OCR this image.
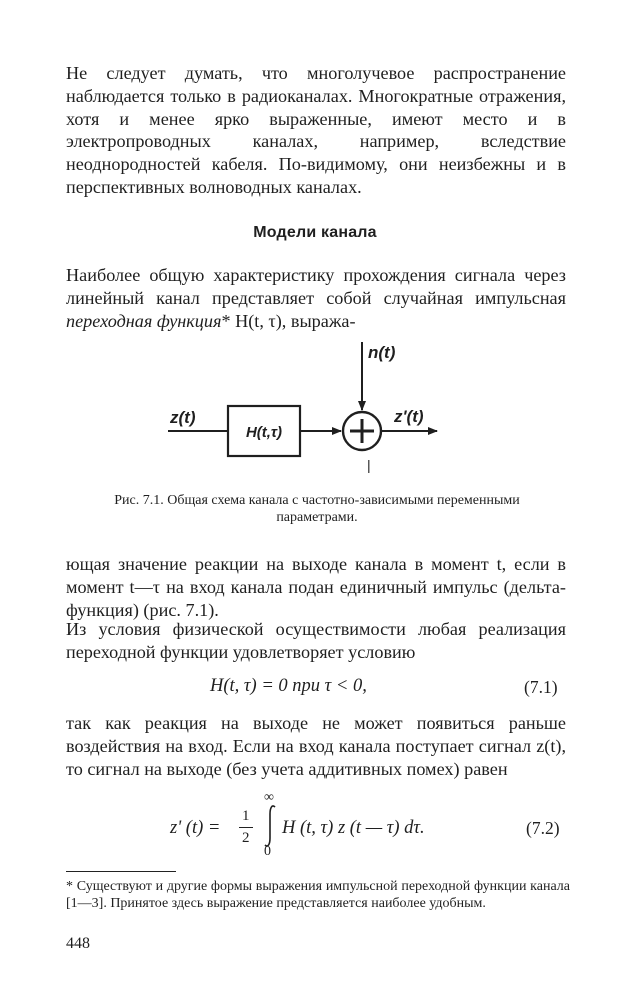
Не следует думать, что многолучевое распространение наблюдается только в радиоканалах. Многократные отражения, хотя и менее ярко выраженные, имеют место и в электропроводных каналах, например, вследствие неоднородностей кабеля. По-видимому, они неизбежны и в перспективных волноводных каналах.

Модели канала

Наиболее общую характеристику прохождения сигнала через линейный канал представляет собой случайная импульсная переходная функция* H(t, τ), выража-

z(t)
H(t,τ)
n(t)
z'(t)
|
Рис. 7.1. Общая схема канала с частотно-зависимыми переменными параметрами.

ющая значение реакции на выходе канала в момент t, если в момент t—τ на вход канала подан единичный импульс (дельта-функция) (рис. 7.1).

Из условия физической осуществимости любая реализация переходной функции удовлетворяет условию

H(t, τ) = 0 при τ < 0,	(7.1)

так как реакция на выходе не может появиться раньше воздействия на вход. Если на вход канала поступает сигнал z(t), то сигнал на выходе (без учета аддитивных помех) равен

z' (t) =
1
2
∞
0
H (t, τ) z (t — τ) dτ.	(7.2)

* Существуют и другие формы выражения импульсной переходной функции канала [1—3]. Принятое здесь выражение представляется наиболее удобным.

448
